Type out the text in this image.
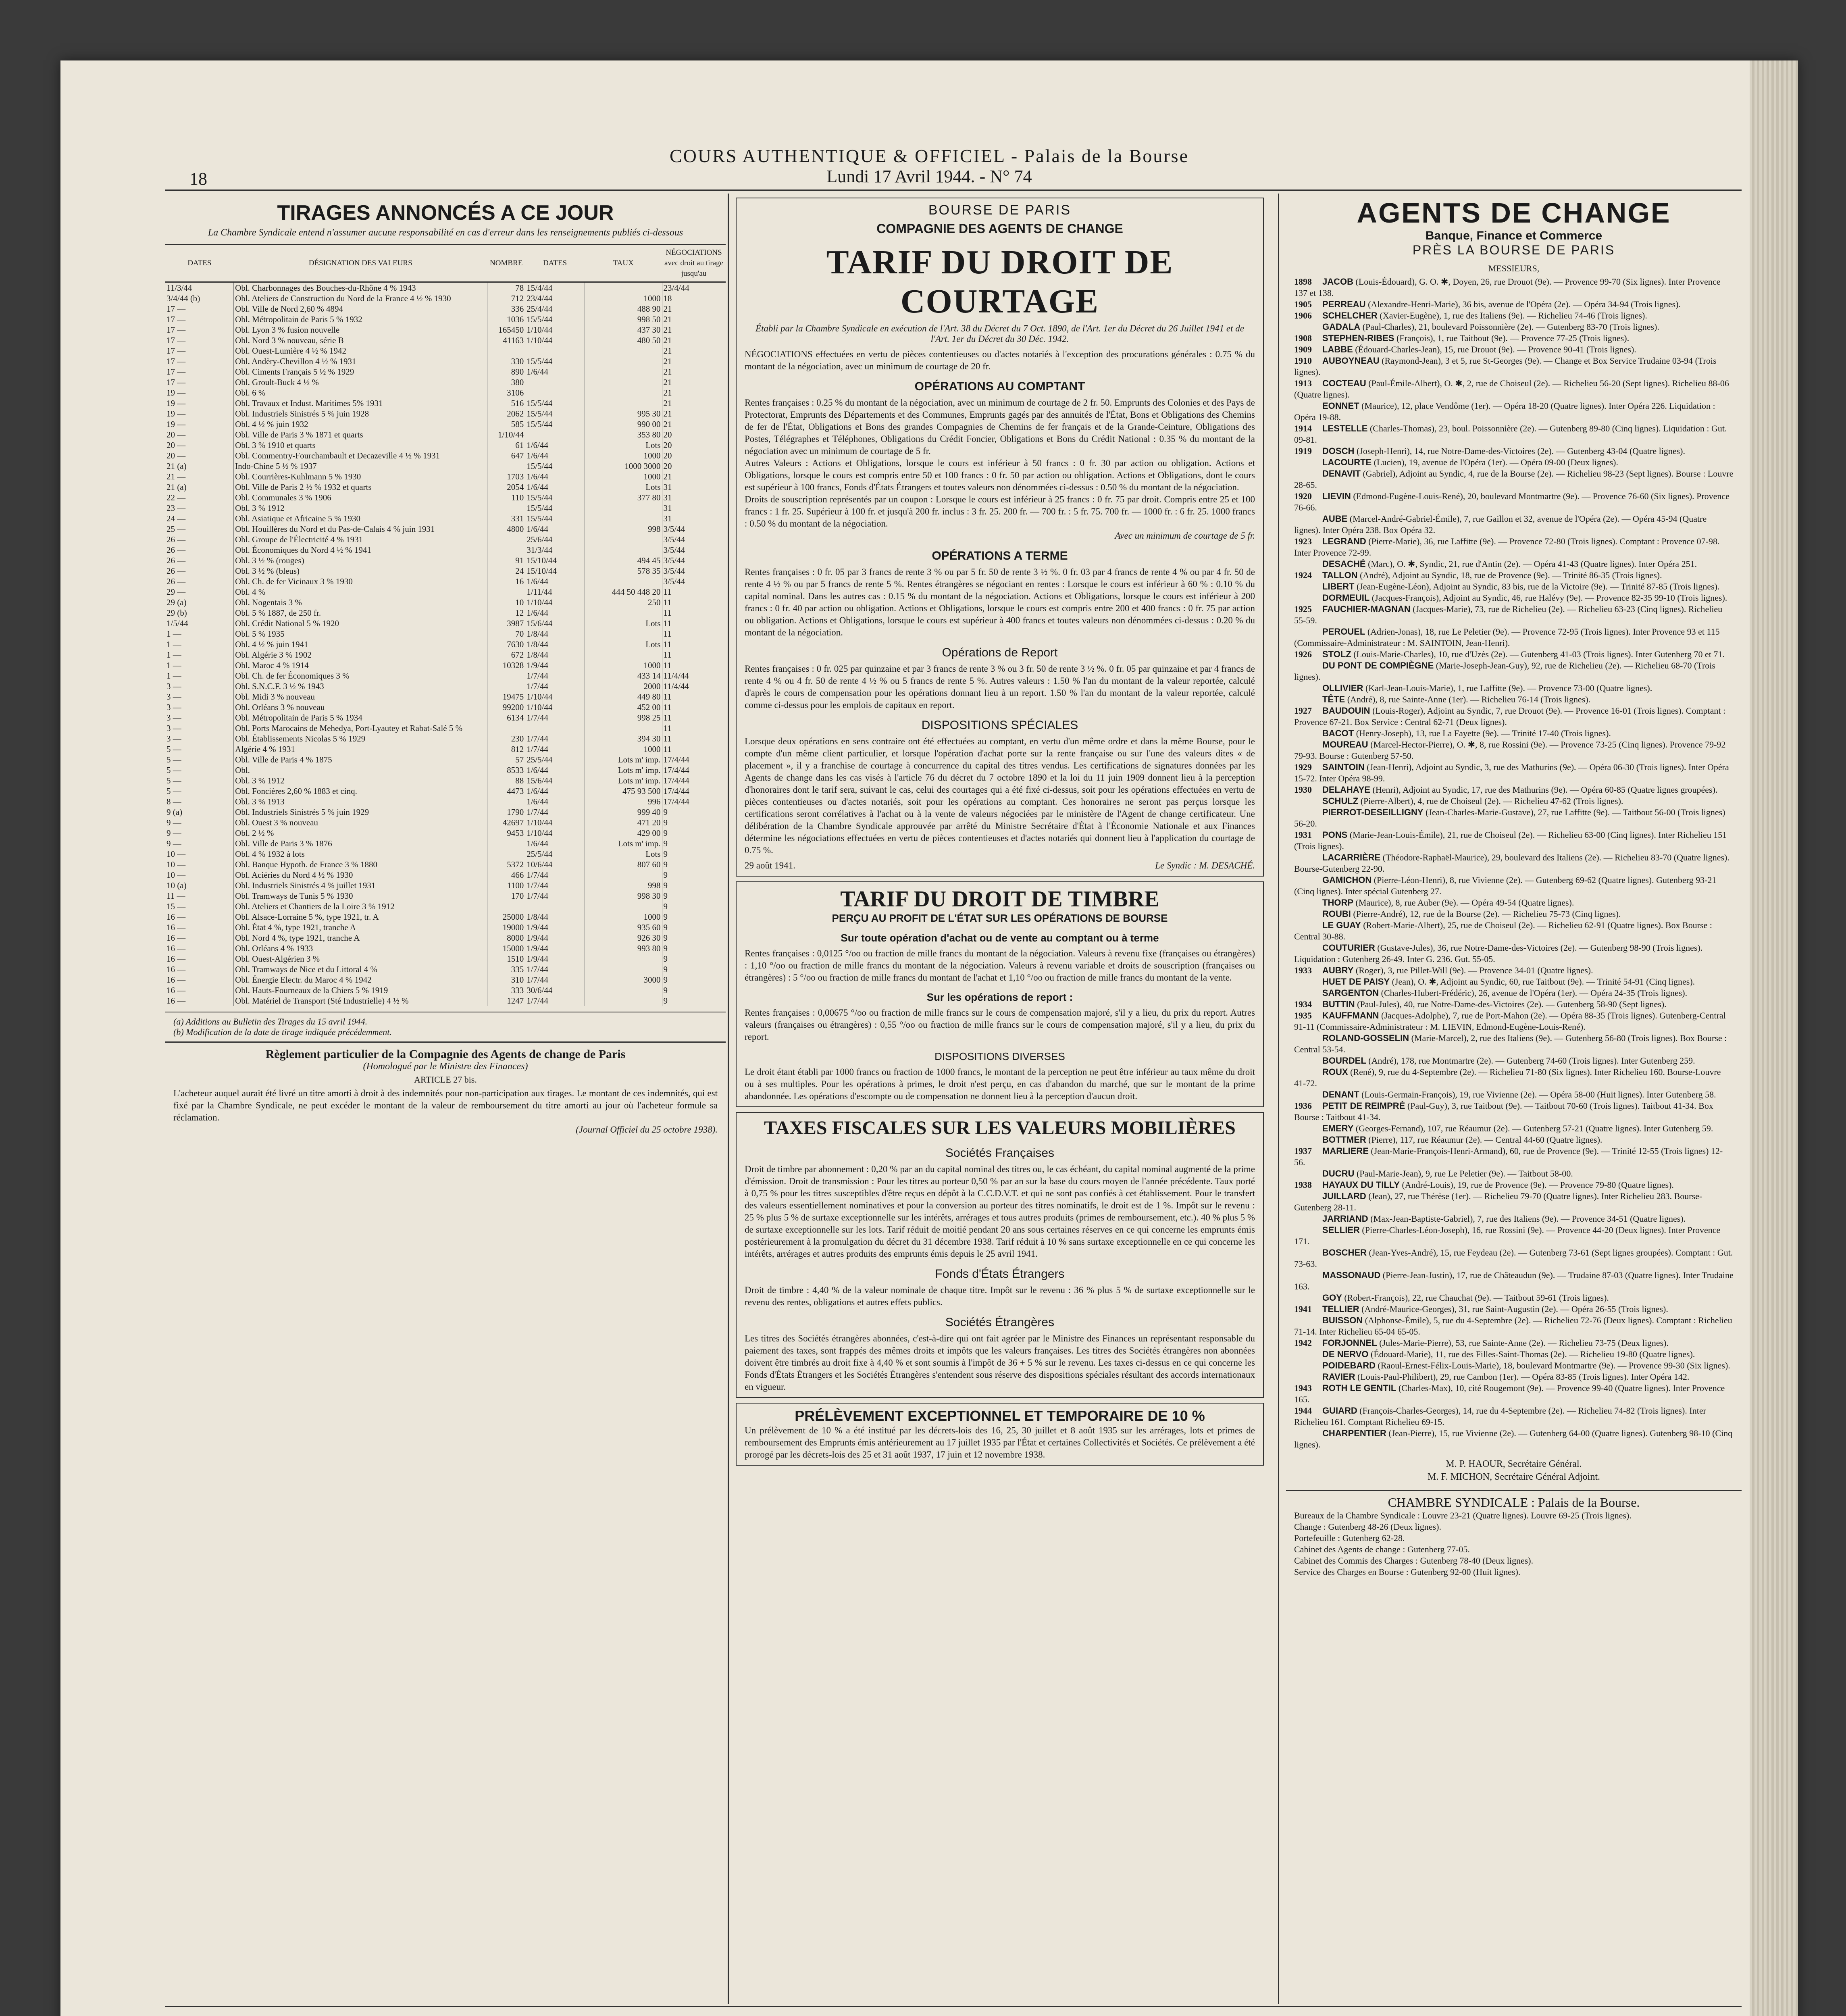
COURS AUTHENTIQUE & OFFICIEL - Palais de la Bourse
Lundi 17 Avril 1944. - N° 74
18
TIRAGES ANNONCÉS A CE JOUR
La Chambre Syndicale entend n'assumer aucune responsabilité en cas d'erreur dans les renseignements publiés ci-dessous
DATES	DÉSIGNATION DES VALEURS	NOMBRE	DATES	TAUX	NÉGOCIATIONS avec droit au tirage jusqu'au
11/3/44	Obl. Charbonnages des Bouches-du-Rhône 4 % 1943	78	15/4/44		23/4/44
3/4/44 (b)	Obl. Ateliers de Construction du Nord de la France 4 ½ % 1930	712	23/4/44	1000	18
17 —	Obl. Ville de Nord 2,60 % 4894	336	25/4/44	488 90	21
17 —	Obl. Métropolitain de Paris 5 % 1932	1036	15/5/44	998 50	21
17 —	Obl. Lyon 3 % fusion nouvelle	165450	1/10/44	437 30	21
17 —	Obl. Nord 3 % nouveau, série B	41163	1/10/44	480 50	21
17 —	Obl. Ouest-Lumière 4 ½ % 1942				21
17 —	Obl. Andèry-Chevillon 4 ½ % 1931	330	15/5/44		21
17 —	Obl. Ciments Français 5 ½ % 1929	890	1/6/44		21
17 —	Obl. Groult-Buck 4 ½ %	380			21
19 —	Obl. 6 %	3106			21
19 —	Obl. Travaux et Indust. Maritimes 5% 1931	516	15/5/44		21
19 —	Obl. Industriels Sinistrés 5 % juin 1928	2062	15/5/44	995 30	21
19 —	Obl. 4 ½ % juin 1932	585	15/5/44	990 00	21
20 —	Obl. Ville de Paris 3 % 1871 et quarts	1/10/44		353 80	20
20 —	Obl. 3 % 1910 et quarts	61	1/6/44	Lots	20
20 —	Obl. Commentry-Fourchambault et Decazeville 4 ½ % 1931	647	1/6/44	1000	20
21 (a)	Indo-Chine 5 ½ % 1937		15/5/44	1000 3000	20
21 —	Obl. Courrières-Kuhlmann 5 % 1930	1703	1/6/44	1000	21
21 (a)	Obl. Ville de Paris 2 ½ % 1932 et quarts	2054	1/6/44	Lots	31
22 —	Obl. Communales 3 % 1906	110	15/5/44	377 80	31
23 —	Obl. 3 % 1912		15/5/44		31
24 —	Obl. Asiatique et Africaine 5 % 1930	331	15/5/44		31
25 —	Obl. Houillères du Nord et du Pas-de-Calais 4 % juin 1931	4800	1/6/44	998	3/5/44
26 —	Obl. Groupe de l'Électricité 4 % 1931		25/6/44		3/5/44
26 —	Obl. Économiques du Nord 4 ½ % 1941		31/3/44		3/5/44
26 —	Obl. 3 ½ % (rouges)	91	15/10/44	494 45	3/5/44
26 —	Obl. 3 ½ % (bleus)	24	15/10/44	578 35	3/5/44
26 —	Obl. Ch. de fer Vicinaux 3 % 1930	16	1/6/44		3/5/44
29 —	Obl. 4 %		1/11/44	444 50 448 20	11
29 (a)	Obl. Nogentais 3 %	10	1/10/44	250	11
29 (b)	Obl. 5 % 1887, de 250 fr.	12	1/6/44		11
1/5/44	Obl. Crédit National 5 % 1920	3987	15/6/44	Lots	11
1 —	Obl. 5 % 1935	70	1/8/44		11
1 —	Obl. 4 ½ % juin 1941	7630	1/8/44	Lots	11
1 —	Obl. Algérie 3 % 1902	672	1/8/44		11
1 —	Obl. Maroc 4 % 1914	10328	1/9/44	1000	11
1 —	Obl. Ch. de fer Économiques 3 %		1/7/44	433 14	11/4/44
3 —	Obl. S.N.C.F. 3 ½ % 1943		1/7/44	2000	11/4/44
3 —	Obl. Midi 3 % nouveau	19475	1/10/44	449 80	11
3 —	Obl. Orléans 3 % nouveau	99200	1/10/44	452 00	11
3 —	Obl. Métropolitain de Paris 5 % 1934	6134	1/7/44	998 25	11
3 —	Obl. Ports Marocains de Mehedya, Port-Lyautey et Rabat-Salé 5 %				11
3 —	Obl. Établissements Nicolas 5 % 1929	230	1/7/44	394 30	11
5 —	Algérie 4 % 1931	812	1/7/44	1000	11
5 —	Obl. Ville de Paris 4 % 1875	57	25/5/44	Lots m' imp.	17/4/44
5 —	Obl.	8533	1/6/44	Lots m' imp.	17/4/44
5 —	Obl. 3 % 1912	88	15/6/44	Lots m' imp.	17/4/44
5 —	Obl. Foncières 2,60 % 1883 et cinq.	4473	1/6/44	475 93 500	17/4/44
8 —	Obl. 3 % 1913		1/6/44	996	17/4/44
9 (a)	Obl. Industriels Sinistrés 5 % juin 1929	1790	1/7/44	999 40	9
9 —	Obl. Ouest 3 % nouveau	42697	1/10/44	471 20	9
9 —	Obl. 2 ½ %	9453	1/10/44	429 00	9
9 —	Obl. Ville de Paris 3 % 1876		1/6/44	Lots m' imp.	9
10 —	Obl. 4 % 1932 à lots		25/5/44	Lots	9
10 —	Obl. Banque Hypoth. de France 3 % 1880	5372	10/6/44	807 60	9
10 —	Obl. Aciéries du Nord 4 ½ % 1930	466	1/7/44		9
10 (a)	Obl. Industriels Sinistrés 4 % juillet 1931	1100	1/7/44	998	9
11 —	Obl. Tramways de Tunis 5 % 1930	170	1/7/44	998 30	9
15 —	Obl. Ateliers et Chantiers de la Loire 3 % 1912				9
16 —	Obl. Alsace-Lorraine 5 %, type 1921, tr. A	25000	1/8/44	1000	9
16 —	Obl. État 4 %, type 1921, tranche A	19000	1/9/44	935 60	9
16 —	Obl. Nord 4 %, type 1921, tranche A	8000	1/9/44	926 30	9
16 —	Obl. Orléans 4 % 1933	15000	1/9/44	993 80	9
16 —	Obl. Ouest-Algérien 3 %	1510	1/9/44		9
16 —	Obl. Tramways de Nice et du Littoral 4 %	335	1/7/44		9
16 —	Obl. Énergie Electr. du Maroc 4 % 1942	310	1/7/44	3000	9
16 —	Obl. Hauts-Fourneaux de la Chiers 5 % 1919	333	30/6/44		9
16 —	Obl. Matériel de Transport (Sté Industrielle) 4 ½ %	1247	1/7/44		9
(a) Additions au Bulletin des Tirages du 15 avril 1944.
(b) Modification de la date de tirage indiquée précédemment.
Règlement particulier de la Compagnie des Agents de change de Paris
(Homologué par le Ministre des Finances)
ARTICLE 27 bis.
L'acheteur auquel aurait été livré un titre amorti à droit à des indemnités pour non-participation aux tirages. Le montant de ces indemnités, qui est fixé par la Chambre Syndicale, ne peut excéder le montant de la valeur de remboursement du titre amorti au jour où l'acheteur formule sa réclamation.
(Journal Officiel du 25 octobre 1938).
BOURSE DE PARIS
COMPAGNIE DES AGENTS DE CHANGE
TARIF DU DROIT DE COURTAGE
Établi par la Chambre Syndicale en exécution de l'Art. 38 du Décret du 7 Oct. 1890, de l'Art. 1er du Décret du 26 Juillet 1941 et de l'Art. 1er du Décret du 30 Déc. 1942.
NÉGOCIATIONS effectuées en vertu de pièces contentieuses ou d'actes notariés à l'exception des procurations générales : 0.75 % du montant de la négociation, avec un minimum de courtage de 20 fr.
OPÉRATIONS AU COMPTANT
Rentes françaises : 0.25 % du montant de la négociation, avec un minimum de courtage de 2 fr. 50. Emprunts des Colonies et des Pays de Protectorat, Emprunts des Départements et des Communes, Emprunts gagés par des annuités de l'État, Bons et Obligations des Chemins de fer de l'État, Obligations et Bons des grandes Compagnies de Chemins de fer français et de la Grande-Ceinture, Obligations des Postes, Télégraphes et Téléphones, Obligations du Crédit Foncier, Obligations et Bons du Crédit National : 0.35 % du montant de la négociation avec un minimum de courtage de 5 fr.
Autres Valeurs : Actions et Obligations, lorsque le cours est inférieur à 50 francs : 0 fr. 30 par action ou obligation. Actions et Obligations, lorsque le cours est compris entre 50 et 100 francs : 0 fr. 50 par action ou obligation. Actions et Obligations, dont le cours est supérieur à 100 francs, Fonds d'États Étrangers et toutes valeurs non dénommées ci-dessus : 0.50 % du montant de la négociation.
Droits de souscription représentés par un coupon : Lorsque le cours est inférieur à 25 francs : 0 fr. 75 par droit. Compris entre 25 et 100 francs : 1 fr. 25. Supérieur à 100 fr. et jusqu'à 200 fr. inclus : 3 fr. 25. 200 fr. — 700 fr. : 5 fr. 75. 700 fr. — 1000 fr. : 6 fr. 25. 1000 francs : 0.50 % du montant de la négociation.
Avec un minimum de courtage de 5 fr.
OPÉRATIONS A TERME
Rentes françaises : 0 fr. 05 par 3 francs de rente 3 % ou par 5 fr. 50 de rente 3 ½ %. 0 fr. 03 par 4 francs de rente 4 % ou par 4 fr. 50 de rente 4 ½ % ou par 5 francs de rente 5 %. Rentes étrangères se négociant en rentes : Lorsque le cours est inférieur à 60 % : 0.10 % du capital nominal. Dans les autres cas : 0.15 % du montant de la négociation. Actions et Obligations, lorsque le cours est inférieur à 200 francs : 0 fr. 40 par action ou obligation. Actions et Obligations, lorsque le cours est compris entre 200 et 400 francs : 0 fr. 75 par action ou obligation. Actions et Obligations, lorsque le cours est supérieur à 400 francs et toutes valeurs non dénommées ci-dessus : 0.20 % du montant de la négociation.
Opérations de Report
Rentes françaises : 0 fr. 025 par quinzaine et par 3 francs de rente 3 % ou 3 fr. 50 de rente 3 ½ %. 0 fr. 05 par quinzaine et par 4 francs de rente 4 % ou 4 fr. 50 de rente 4 ½ % ou 5 francs de rente 5 %. Autres valeurs : 1.50 % l'an du montant de la valeur reportée, calculé d'après le cours de compensation pour les opérations donnant lieu à un report. 1.50 % l'an du montant de la valeur reportée, calculé comme ci-dessus pour les emplois de capitaux en report.
DISPOSITIONS SPÉCIALES
Lorsque deux opérations en sens contraire ont été effectuées au comptant, en vertu d'un même ordre et dans la même Bourse, pour le compte d'un même client particulier, et lorsque l'opération d'achat porte sur la rente française ou sur l'une des valeurs dites « de placement », il y a franchise de courtage à concurrence du capital des titres vendus. Les certifications de signatures données par les Agents de change dans les cas visés à l'article 76 du décret du 7 octobre 1890 et la loi du 11 juin 1909 donnent lieu à la perception d'honoraires dont le tarif sera, suivant le cas, celui des courtages qui a été fixé ci-dessus, soit pour les opérations effectuées en vertu de pièces contentieuses ou d'actes notariés, soit pour les opérations au comptant. Ces honoraires ne seront pas perçus lorsque les certifications seront corrélatives à l'achat ou à la vente de valeurs négociées par le ministère de l'Agent de change certificateur. Une délibération de la Chambre Syndicale approuvée par arrêté du Ministre Secrétaire d'État à l'Économie Nationale et aux Finances détermine les négociations effectuées en vertu de pièces contentieuses et d'actes notariés qui donnent lieu à l'application du courtage de 0.75 %.
29 août 1941.	Le Syndic : M. DESACHÉ.
TARIF DU DROIT DE TIMBRE
PERÇU AU PROFIT DE L'ÉTAT SUR LES OPÉRATIONS DE BOURSE
Sur toute opération d'achat ou de vente au comptant ou à terme
Rentes françaises : 0,0125 °/oo ou fraction de mille francs du montant de la négociation. Valeurs à revenu fixe (françaises ou étrangères) : 1,10 °/oo ou fraction de mille francs du montant de la négociation. Valeurs à revenu variable et droits de souscription (françaises ou étrangères) : 5 °/oo ou fraction de mille francs du montant de l'achat et 1,10 °/oo ou fraction de mille francs du montant de la vente.
Sur les opérations de report :
Rentes françaises : 0,00675 °/oo ou fraction de mille francs sur le cours de compensation majoré, s'il y a lieu, du prix du report. Autres valeurs (françaises ou étrangères) : 0,55 °/oo ou fraction de mille francs sur le cours de compensation majoré, s'il y a lieu, du prix du report.
DISPOSITIONS DIVERSES
Le droit étant établi par 1000 francs ou fraction de 1000 francs, le montant de la perception ne peut être inférieur au taux même du droit ou à ses multiples. Pour les opérations à primes, le droit n'est perçu, en cas d'abandon du marché, que sur le montant de la prime abandonnée. Les opérations d'escompte ou de compensation ne donnent lieu à la perception d'aucun droit.
TAXES FISCALES SUR LES VALEURS MOBILIÈRES
Sociétés Françaises
Droit de timbre par abonnement : 0,20 % par an du capital nominal des titres ou, le cas échéant, du capital nominal augmenté de la prime d'émission. Droit de transmission : Pour les titres au porteur 0,50 % par an sur la base du cours moyen de l'année précédente. Taux porté à 0,75 % pour les titres susceptibles d'être reçus en dépôt à la C.C.D.V.T. et qui ne sont pas confiés à cet établissement. Pour le transfert des valeurs essentiellement nominatives et pour la conversion au porteur des titres nominatifs, le droit est de 1 %. Impôt sur le revenu : 25 % plus 5 % de surtaxe exceptionnelle sur les intérêts, arrérages et tous autres produits (primes de remboursement, etc.). 40 % plus 5 % de surtaxe exceptionnelle sur les lots. Tarif réduit de moitié pendant 20 ans sous certaines réserves en ce qui concerne les emprunts émis postérieurement à la promulgation du décret du 31 décembre 1938. Tarif réduit à 10 % sans surtaxe exceptionnelle en ce qui concerne les intérêts, arrérages et autres produits des emprunts émis depuis le 25 avril 1941.
Fonds d'États Étrangers
Droit de timbre : 4,40 % de la valeur nominale de chaque titre. Impôt sur le revenu : 36 % plus 5 % de surtaxe exceptionnelle sur le revenu des rentes, obligations et autres effets publics.
Sociétés Étrangères
Les titres des Sociétés étrangères abonnées, c'est-à-dire qui ont fait agréer par le Ministre des Finances un représentant responsable du paiement des taxes, sont frappés des mêmes droits et impôts que les valeurs françaises. Les titres des Sociétés étrangères non abonnées doivent être timbrés au droit fixe à 4,40 % et sont soumis à l'impôt de 36 + 5 % sur le revenu. Les taxes ci-dessus en ce qui concerne les Fonds d'États Étrangers et les Sociétés Étrangères s'entendent sous réserve des dispositions spéciales résultant des accords internationaux en vigueur.
PRÉLÈVEMENT EXCEPTIONNEL ET TEMPORAIRE DE 10 %
Un prélèvement de 10 % a été institué par les décrets-lois des 16, 25, 30 juillet et 8 août 1935 sur les arrérages, lots et primes de remboursement des Emprunts émis antérieurement au 17 juillet 1935 par l'État et certaines Collectivités et Sociétés. Ce prélèvement a été prorogé par les décrets-lois des 25 et 31 août 1937, 17 juin et 12 novembre 1938.
AGENTS DE CHANGE
Banque, Finance et Commerce
PRÈS LA BOURSE DE PARIS
MESSIEURS,
1898 JACOB (Louis-Édouard), G. O. ✱, Doyen, 26, rue Drouot (9e). — Provence 99-70 (Six lignes). Inter Provence 137 et 138.
1905 PERREAU (Alexandre-Henri-Marie), 36 bis, avenue de l'Opéra (2e). — Opéra 34-94 (Trois lignes).
1906 SCHELCHER (Xavier-Eugène), 1, rue des Italiens (9e). — Richelieu 74-46 (Trois lignes).
GADALA (Paul-Charles), 21, boulevard Poissonnière (2e). — Gutenberg 83-70 (Trois lignes).
1908 STEPHEN-RIBES (François), 1, rue Taitbout (9e). — Provence 77-25 (Trois lignes).
1909 LABBE (Édouard-Charles-Jean), 15, rue Drouot (9e). — Provence 90-41 (Trois lignes).
1910 AUBOYNEAU (Raymond-Jean), 3 et 5, rue St-Georges (9e). — Change et Box Service Trudaine 03-94 (Trois lignes).
1913 COCTEAU (Paul-Émile-Albert), O. ✱, 2, rue de Choiseul (2e). — Richelieu 56-20 (Sept lignes). Richelieu 88-06 (Quatre lignes).
EONNET (Maurice), 12, place Vendôme (1er). — Opéra 18-20 (Quatre lignes). Inter Opéra 226. Liquidation : Opéra 19-88.
1914 LESTELLE (Charles-Thomas), 23, boul. Poissonnière (2e). — Gutenberg 89-80 (Cinq lignes). Liquidation : Gut. 09-81.
1919 DOSCH (Joseph-Henri), 14, rue Notre-Dame-des-Victoires (2e). — Gutenberg 43-04 (Quatre lignes).
LACOURTE (Lucien), 19, avenue de l'Opéra (1er). — Opéra 09-00 (Deux lignes).
DENAVIT (Gabriel), Adjoint au Syndic, 4, rue de la Bourse (2e). — Richelieu 98-23 (Sept lignes). Bourse : Louvre 28-65.
1920 LIEVIN (Edmond-Eugène-Louis-René), 20, boulevard Montmartre (9e). — Provence 76-60 (Six lignes). Provence 76-66.
AUBE (Marcel-André-Gabriel-Émile), 7, rue Gaillon et 32, avenue de l'Opéra (2e). — Opéra 45-94 (Quatre lignes). Inter Opéra 238. Box Opéra 32.
1923 LEGRAND (Pierre-Marie), 36, rue Laffitte (9e). — Provence 72-80 (Trois lignes). Comptant : Provence 07-98. Inter Provence 72-99.
DESACHÉ (Marc), O. ✱, Syndic, 21, rue d'Antin (2e). — Opéra 41-43 (Quatre lignes). Inter Opéra 251.
1924 TALLON (André), Adjoint au Syndic, 18, rue de Provence (9e). — Trinité 86-35 (Trois lignes).
LIBERT (Jean-Eugène-Léon), Adjoint au Syndic, 83 bis, rue de la Victoire (9e). — Trinité 87-85 (Trois lignes).
DORMEUIL (Jacques-François), Adjoint au Syndic, 46, rue Halévy (9e). — Provence 82-35 99-10 (Trois lignes).
1925 FAUCHIER-MAGNAN (Jacques-Marie), 73, rue de Richelieu (2e). — Richelieu 63-23 (Cinq lignes). Richelieu 55-59.
PEROUEL (Adrien-Jonas), 18, rue Le Peletier (9e). — Provence 72-95 (Trois lignes). Inter Provence 93 et 115 (Commissaire-Administrateur : M. SAINTOIN, Jean-Henri).
1926 STOLZ (Louis-Marie-Charles), 10, rue d'Uzès (2e). — Gutenberg 41-03 (Trois lignes). Inter Gutenberg 70 et 71.
DU PONT DE COMPIÈGNE (Marie-Joseph-Jean-Guy), 92, rue de Richelieu (2e). — Richelieu 68-70 (Trois lignes).
OLLIVIER (Karl-Jean-Louis-Marie), 1, rue Laffitte (9e). — Provence 73-00 (Quatre lignes).
TÊTE (André), 8, rue Sainte-Anne (1er). — Richelieu 76-14 (Trois lignes).
1927 BAUDOUIN (Louis-Roger), Adjoint au Syndic, 7, rue Drouot (9e). — Provence 16-01 (Trois lignes). Comptant : Provence 67-21. Box Service : Central 62-71 (Deux lignes).
BACOT (Henry-Joseph), 13, rue La Fayette (9e). — Trinité 17-40 (Trois lignes).
MOUREAU (Marcel-Hector-Pierre), O. ✱, 8, rue Rossini (9e). — Provence 73-25 (Cinq lignes). Provence 79-92 79-93. Bourse : Gutenberg 57-50.
1929 SAINTOIN (Jean-Henri), Adjoint au Syndic, 3, rue des Mathurins (9e). — Opéra 06-30 (Trois lignes). Inter Opéra 15-72. Inter Opéra 98-99.
1930 DELAHAYE (Henri), Adjoint au Syndic, 17, rue des Mathurins (9e). — Opéra 60-85 (Quatre lignes groupées).
SCHULZ (Pierre-Albert), 4, rue de Choiseul (2e). — Richelieu 47-62 (Trois lignes).
PIERROT-DESEILLIGNY (Jean-Charles-Marie-Gustave), 27, rue Laffitte (9e). — Taitbout 56-00 (Trois lignes) 56-20.
1931 PONS (Marie-Jean-Louis-Émile), 21, rue de Choiseul (2e). — Richelieu 63-00 (Cinq lignes). Inter Richelieu 151 (Trois lignes).
LACARRIÈRE (Théodore-Raphaël-Maurice), 29, boulevard des Italiens (2e). — Richelieu 83-70 (Quatre lignes). Bourse-Gutenberg 22-90.
GAMICHON (Pierre-Léon-Henri), 8, rue Vivienne (2e). — Gutenberg 69-62 (Quatre lignes). Gutenberg 93-21 (Cinq lignes). Inter spécial Gutenberg 27.
THORP (Maurice), 8, rue Auber (9e). — Opéra 49-54 (Quatre lignes).
ROUBI (Pierre-André), 12, rue de la Bourse (2e). — Richelieu 75-73 (Cinq lignes).
LE GUAY (Robert-Marie-Albert), 25, rue de Choiseul (2e). — Richelieu 62-91 (Quatre lignes). Box Bourse : Central 30-88.
COUTURIER (Gustave-Jules), 36, rue Notre-Dame-des-Victoires (2e). — Gutenberg 98-90 (Trois lignes). Liquidation : Gutenberg 26-49. Inter G. 236. Gut. 55-05.
1933 AUBRY (Roger), 3, rue Pillet-Will (9e). — Provence 34-01 (Quatre lignes).
HUET DE PAISY (Jean), O. ✱, Adjoint au Syndic, 60, rue Taitbout (9e). — Trinité 54-91 (Cinq lignes).
SARGENTON (Charles-Hubert-Frédéric), 26, avenue de l'Opéra (1er). — Opéra 24-35 (Trois lignes).
1934 BUTTIN (Paul-Jules), 40, rue Notre-Dame-des-Victoires (2e). — Gutenberg 58-90 (Sept lignes).
1935 KAUFFMANN (Jacques-Adolphe), 7, rue de Port-Mahon (2e). — Opéra 88-35 (Trois lignes). Gutenberg-Central 91-11 (Commissaire-Administrateur : M. LIEVIN, Edmond-Eugène-Louis-René).
ROLAND-GOSSELIN (Marie-Marcel), 2, rue des Italiens (9e). — Gutenberg 56-80 (Trois lignes). Box Bourse : Central 53-54.
BOURDEL (André), 178, rue Montmartre (2e). — Gutenberg 74-60 (Trois lignes). Inter Gutenberg 259.
ROUX (René), 9, rue du 4-Septembre (2e). — Richelieu 71-80 (Six lignes). Inter Richelieu 160. Bourse-Louvre 41-72.
DENANT (Louis-Germain-François), 19, rue Vivienne (2e). — Opéra 58-00 (Huit lignes). Inter Gutenberg 58.
1936 PETIT DE REIMPRÉ (Paul-Guy), 3, rue Taitbout (9e). — Taitbout 70-60 (Trois lignes). Taitbout 41-34. Box Bourse : Taitbout 41-34.
EMERY (Georges-Fernand), 107, rue Réaumur (2e). — Gutenberg 57-21 (Quatre lignes). Inter Gutenberg 59.
BOTTMER (Pierre), 117, rue Réaumur (2e). — Central 44-60 (Quatre lignes).
1937 MARLIERE (Jean-Marie-François-Henri-Armand), 60, rue de Provence (9e). — Trinité 12-55 (Trois lignes) 12-56.
DUCRU (Paul-Marie-Jean), 9, rue Le Peletier (9e). — Taitbout 58-00.
1938 HAYAUX DU TILLY (André-Louis), 19, rue de Provence (9e). — Provence 79-80 (Quatre lignes).
JUILLARD (Jean), 27, rue Thérèse (1er). — Richelieu 79-70 (Quatre lignes). Inter Richelieu 283. Bourse-Gutenberg 28-11.
JARRIAND (Max-Jean-Baptiste-Gabriel), 7, rue des Italiens (9e). — Provence 34-51 (Quatre lignes).
SELLIER (Pierre-Charles-Léon-Joseph), 16, rue Rossini (9e). — Provence 44-20 (Deux lignes). Inter Provence 171.
BOSCHER (Jean-Yves-André), 15, rue Feydeau (2e). — Gutenberg 73-61 (Sept lignes groupées). Comptant : Gut. 73-63.
MASSONAUD (Pierre-Jean-Justin), 17, rue de Châteaudun (9e). — Trudaine 87-03 (Quatre lignes). Inter Trudaine 163.
GOY (Robert-François), 22, rue Chauchat (9e). — Taitbout 59-61 (Trois lignes).
1941 TELLIER (André-Maurice-Georges), 31, rue Saint-Augustin (2e). — Opéra 26-55 (Trois lignes).
BUISSON (Alphonse-Émile), 5, rue du 4-Septembre (2e). — Richelieu 72-76 (Deux lignes). Comptant : Richelieu 71-14. Inter Richelieu 65-04 65-05.
1942 FORJONNEL (Jules-Marie-Pierre), 53, rue Sainte-Anne (2e). — Richelieu 73-75 (Deux lignes).
DE NERVO (Édouard-Marie), 11, rue des Filles-Saint-Thomas (2e). — Richelieu 19-80 (Quatre lignes).
POIDEBARD (Raoul-Ernest-Félix-Louis-Marie), 18, boulevard Montmartre (9e). — Provence 99-30 (Six lignes).
RAVIER (Louis-Paul-Philibert), 29, rue Cambon (1er). — Opéra 83-85 (Trois lignes). Inter Opéra 142.
1943 ROTH LE GENTIL (Charles-Max), 10, cité Rougemont (9e). — Provence 99-40 (Quatre lignes). Inter Provence 165.
1944 GUIARD (François-Charles-Georges), 14, rue du 4-Septembre (2e). — Richelieu 74-82 (Trois lignes). Inter Richelieu 161. Comptant Richelieu 69-15.
CHARPENTIER (Jean-Pierre), 15, rue Vivienne (2e). — Gutenberg 64-00 (Quatre lignes). Gutenberg 98-10 (Cinq lignes).
M. P. HAOUR, Secrétaire Général.
M. F. MICHON, Secrétaire Général Adjoint.
CHAMBRE SYNDICALE : Palais de la Bourse.
Bureaux de la Chambre Syndicale : Louvre 23-21 (Quatre lignes). Louvre 69-25 (Trois lignes).
Change : Gutenberg 48-26 (Deux lignes).
Portefeuille : Gutenberg 62-28.
Cabinet des Agents de change : Gutenberg 77-05.
Cabinet des Commis des Charges : Gutenberg 78-40 (Deux lignes).
Service des Charges en Bourse : Gutenberg 92-00 (Huit lignes).
